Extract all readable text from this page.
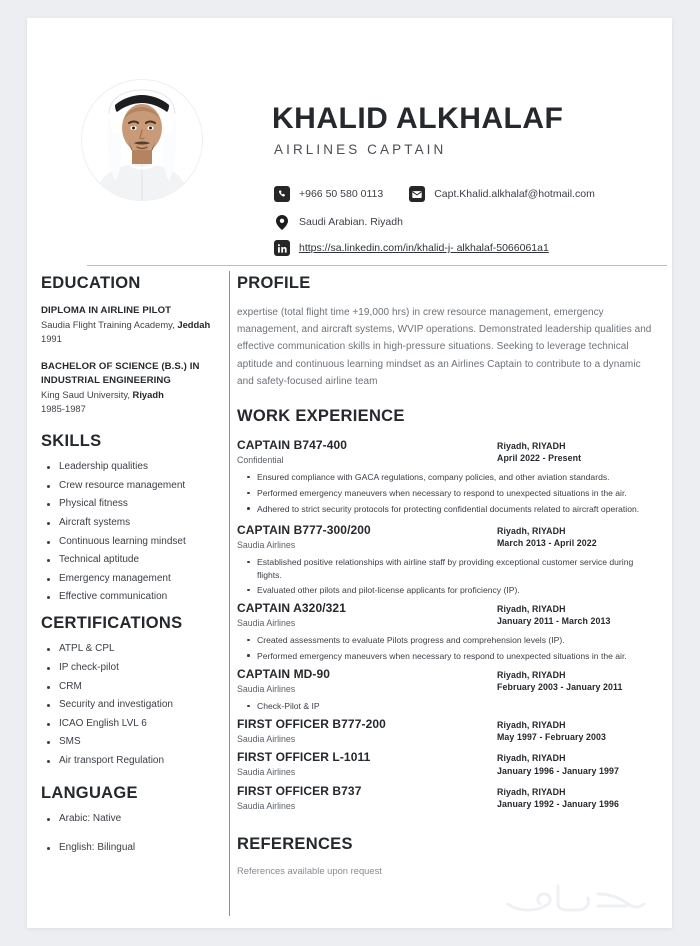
KHALID ALKHALAF
AIRLINES CAPTAIN
+966 50 580 0113	Capt.Khalid.alkhalaf@hotmail.com
Saudi Arabian. Riyadh
https://sa.linkedin.com/in/khalid-j- alkhalaf-5066061a1
EDUCATION
DIPLOMA IN AIRLINE PILOT
Saudia Flight Training Academy, Jeddah
1991
BACHELOR OF SCIENCE (B.S.) IN INDUSTRIAL ENGINEERING
King Saud University, Riyadh
1985-1987
SKILLS
Leadership qualities
Crew resource management
Physical fitness
Aircraft systems
Continuous learning mindset
Technical aptitude
Emergency management
Effective communication
CERTIFICATIONS
ATPL & CPL
IP check-pilot
CRM
Security and investigation
ICAO English LVL 6
SMS
Air transport Regulation
LANGUAGE
Arabic: Native
English: Bilingual
PROFILE
expertise (total flight time +19,000 hrs) in crew resource management, emergency management, and aircraft systems, WVIP operations. Demonstrated leadership qualities and effective communication skills in high-pressure situations. Seeking to leverage technical aptitude and continuous learning mindset as an Airlines Captain to contribute to a dynamic and safety-focused airline team
WORK EXPERIENCE
CAPTAIN B747-400
Confidential
Riyadh, RIYADH
April 2022 - Present
Ensured compliance with GACA regulations, company policies, and other aviation standards.
Performed emergency maneuvers when necessary to respond to unexpected situations in the air.
Adhered to strict security protocols for protecting confidential documents related to aircraft operation.
CAPTAIN B777-300/200
Saudia Airlines
Riyadh, RIYADH
March 2013 - April 2022
Established positive relationships with airline staff by providing exceptional customer service during flights.
Evaluated other pilots and pilot-license applicants for proficiency (IP).
CAPTAIN A320/321
Saudia Airlines
Riyadh, RIYADH
January 2011 - March 2013
Created assessments to evaluate Pilots progress and comprehension levels (IP).
Performed emergency maneuvers when necessary to respond to unexpected situations in the air.
CAPTAIN MD-90
Saudia Airlines
Riyadh, RIYADH
February 2003 - January 2011
Check-Pilot & IP
FIRST OFFICER B777-200
Saudia Airlines
Riyadh, RIYADH
May 1997 - February 2003
FIRST OFFICER L-1011
Saudia Airlines
Riyadh, RIYADH
January 1996 - January 1997
FIRST OFFICER B737
Saudia Airlines
Riyadh, RIYADH
January 1992 - January 1996
REFERENCES
References available upon request
